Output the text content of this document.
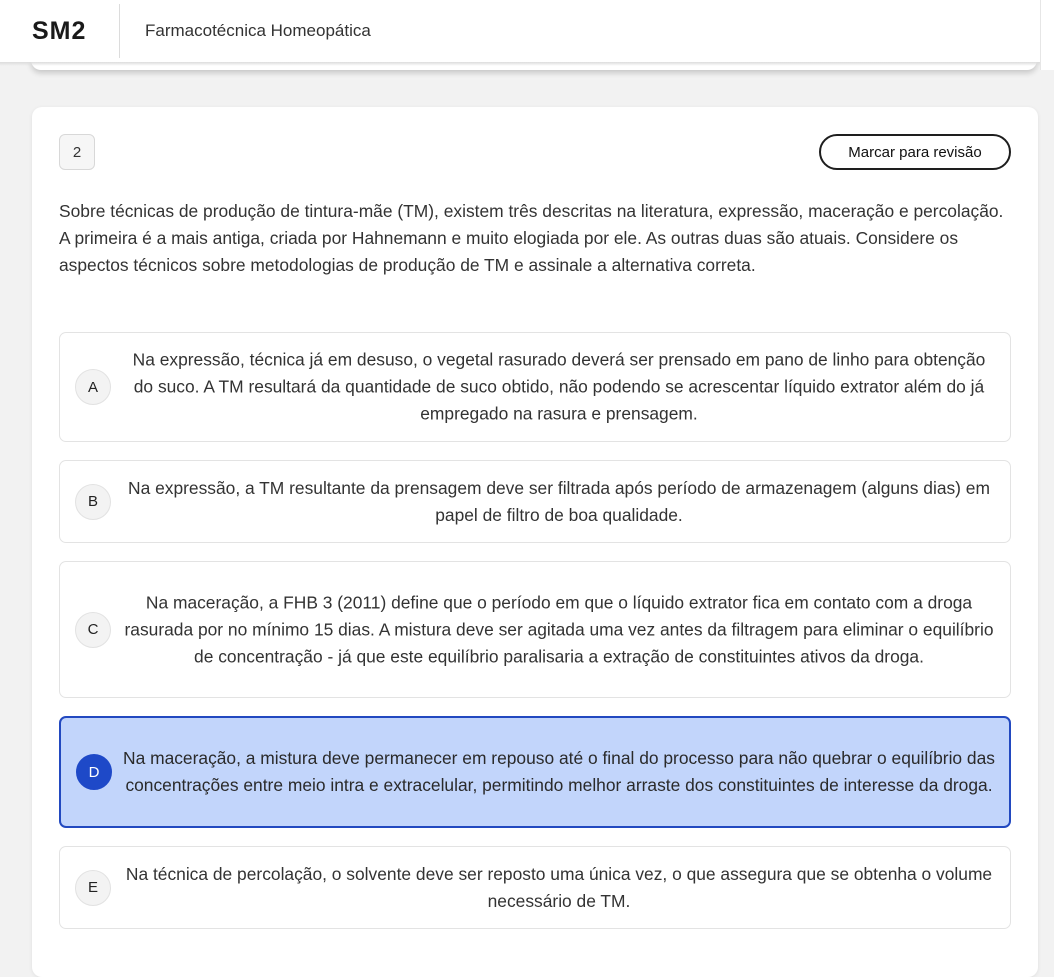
SM2	Farmacotécnica Homeopática
2	Marcar para revisão

Sobre técnicas de produção de tintura-mãe (TM), existem três descritas na literatura, expressão, maceração e percolação. A primeira é a mais antiga, criada por Hahnemann e muito elogiada por ele. As outras duas são atuais. Considere os aspectos técnicos sobre metodologias de produção de TM e assinale a alternativa correta.

A
Na expressão, técnica já em desuso, o vegetal rasurado deverá ser prensado em pano de linho para obtenção do suco. A TM resultará da quantidade de suco obtido, não podendo se acrescentar líquido extrator além do já empregado na rasura e prensagem.
B
Na expressão, a TM resultante da prensagem deve ser filtrada após período de armazenagem (alguns dias) em papel de filtro de boa qualidade.
C
Na maceração, a FHB 3 (2011) define que o período em que o líquido extrator fica em contato com a droga rasurada por no mínimo 15 dias. A mistura deve ser agitada uma vez antes da filtragem para eliminar o equilíbrio de concentração - já que este equilíbrio paralisaria a extração de constituintes ativos da droga.
D
Na maceração, a mistura deve permanecer em repouso até o final do processo para não quebrar o equilíbrio das concentrações entre meio intra e extracelular, permitindo melhor arraste dos constituintes de interesse da droga.
E
Na técnica de percolação, o solvente deve ser reposto uma única vez, o que assegura que se obtenha o volume necessário de TM.
